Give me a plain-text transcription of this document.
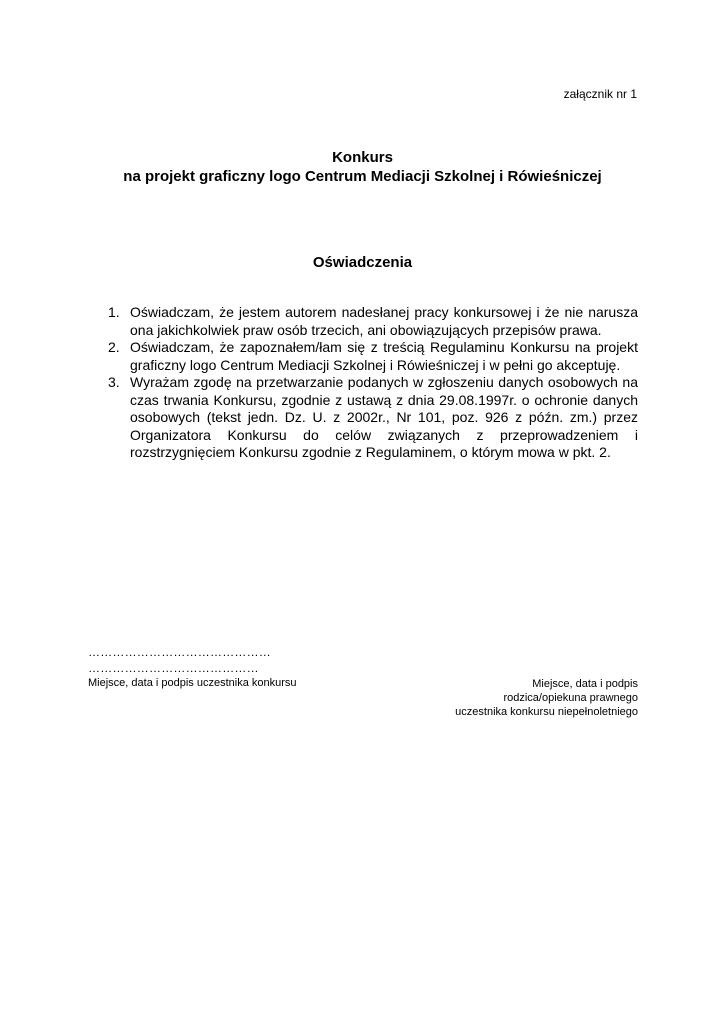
załącznik nr 1
Konkurs
na projekt graficzny logo Centrum Mediacji Szkolnej i Rówieśniczej
Oświadczenia
1. Oświadczam, że jestem autorem nadesłanej pracy konkursowej i że nie narusza ona jakichkolwiek praw osób trzecich, ani obowiązujących przepisów prawa.
2. Oświadczam, że zapoznałem/łam się z treścią Regulaminu Konkursu na projekt graficzny logo Centrum Mediacji Szkolnej i Rówieśniczej i w pełni go akceptuję.
3. Wyrażam zgodę na przetwarzanie podanych w zgłoszeniu danych osobowych na czas trwania Konkursu, zgodnie z ustawą z dnia 29.08.1997r. o ochronie danych osobowych (tekst jedn. Dz. U. z 2002r., Nr 101, poz. 926 z późn. zm.) przez Organizatora Konkursu do celów związanych z przeprowadzeniem i rozstrzygnięciem Konkursu zgodnie z Regulaminem, o którym mowa w pkt. 2.
………………………………………
……………………………………
Miejsce, data i podpis uczestnika konkursu	Miejsce, data i podpis
rodzica/opiekuna prawnego
uczestnika konkursu niepełnoletniego
